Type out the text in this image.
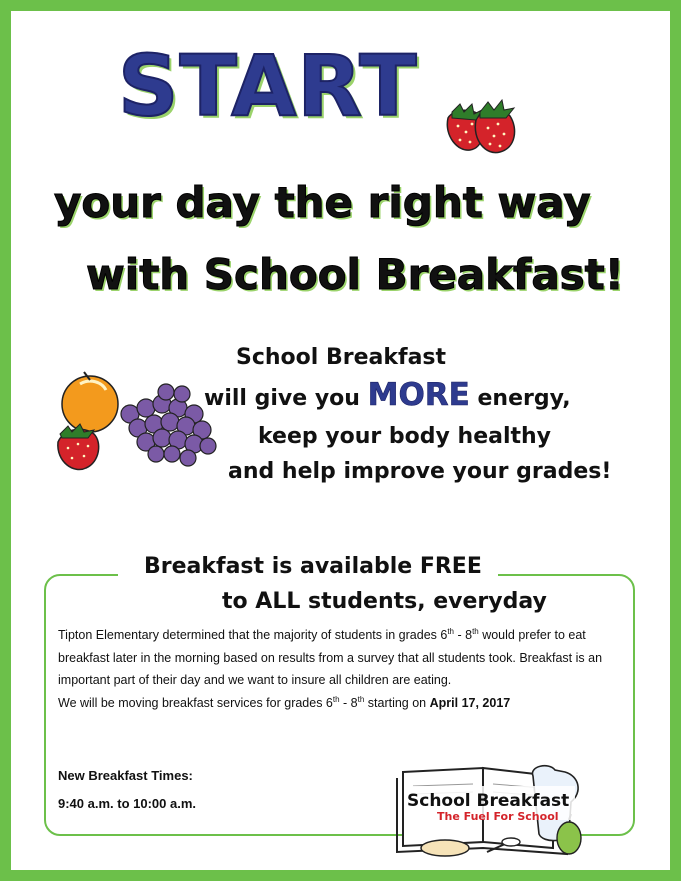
START
your day the right way
with School Breakfast!
School Breakfast
will give you MORE energy,
keep your body healthy
and help improve your grades!
Breakfast is available FREE
to ALL students, everyday
Tipton Elementary determined that the majority of students in grades 6th - 8th would prefer to eat breakfast later in the morning based on results from a survey that all students took. Breakfast is an important part of their day and we want to insure all children are eating.
We will be moving breakfast services for grades 6th - 8th starting on April 17, 2017
New Breakfast Times:
9:40 a.m. to 10:00 a.m.	School Breakfast
The Fuel For School
